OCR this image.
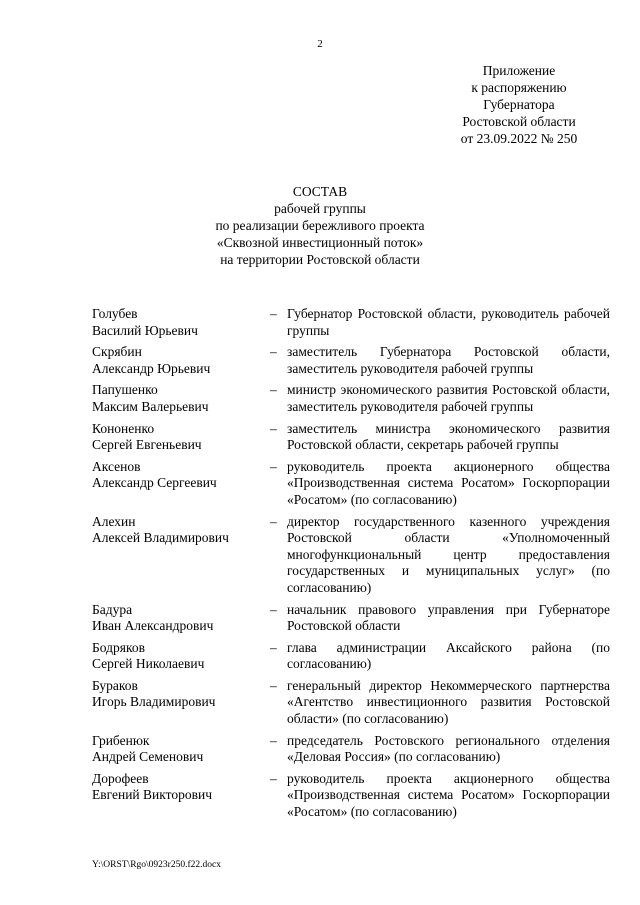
2
Приложение
к распоряжению
Губернатора
Ростовской области
от 23.09.2022 № 250
СОСТАВ
рабочей группы
по реализации бережливого проекта
«Сквозной инвестиционный поток»
на территории Ростовской области
Голубев
Василий Юрьевич
– Губернатор Ростовской области, руководитель рабочей группы
Скрябин
Александр Юрьевич
– заместитель Губернатора Ростовской области, заместитель руководителя рабочей группы
Папушенко
Максим Валерьевич
– министр экономического развития Ростовской области, заместитель руководителя рабочей группы
Кононенко
Сергей Евгеньевич
– заместитель министра экономического развития Ростовской области, секретарь рабочей группы
Аксенов
Александр Сергеевич
– руководитель проекта акционерного общества «Производственная система Росатом» Госкорпорации «Росатом» (по согласованию)
Алехин
Алексей Владимирович
– директор государственного казенного учреждения Ростовской области «Уполномоченный многофункциональный центр предоставления государственных и муниципальных услуг» (по согласованию)
Бадура
Иван Александрович
– начальник правового управления при Губернаторе Ростовской области
Бодряков
Сергей Николаевич
– глава администрации Аксайского района (по согласованию)
Бураков
Игорь Владимирович
– генеральный директор Некоммерческого партнерства «Агентство инвестиционного развития Ростовской области» (по согласованию)
Грибенюк
Андрей Семенович
– председатель Ростовского регионального отделения «Деловая Россия» (по согласованию)
Дорофеев
Евгений Викторович
– руководитель проекта акционерного общества «Производственная система Росатом» Госкорпорации «Росатом» (по согласованию)
Y:\ORST\Rgo\0923r250.f22.docx
